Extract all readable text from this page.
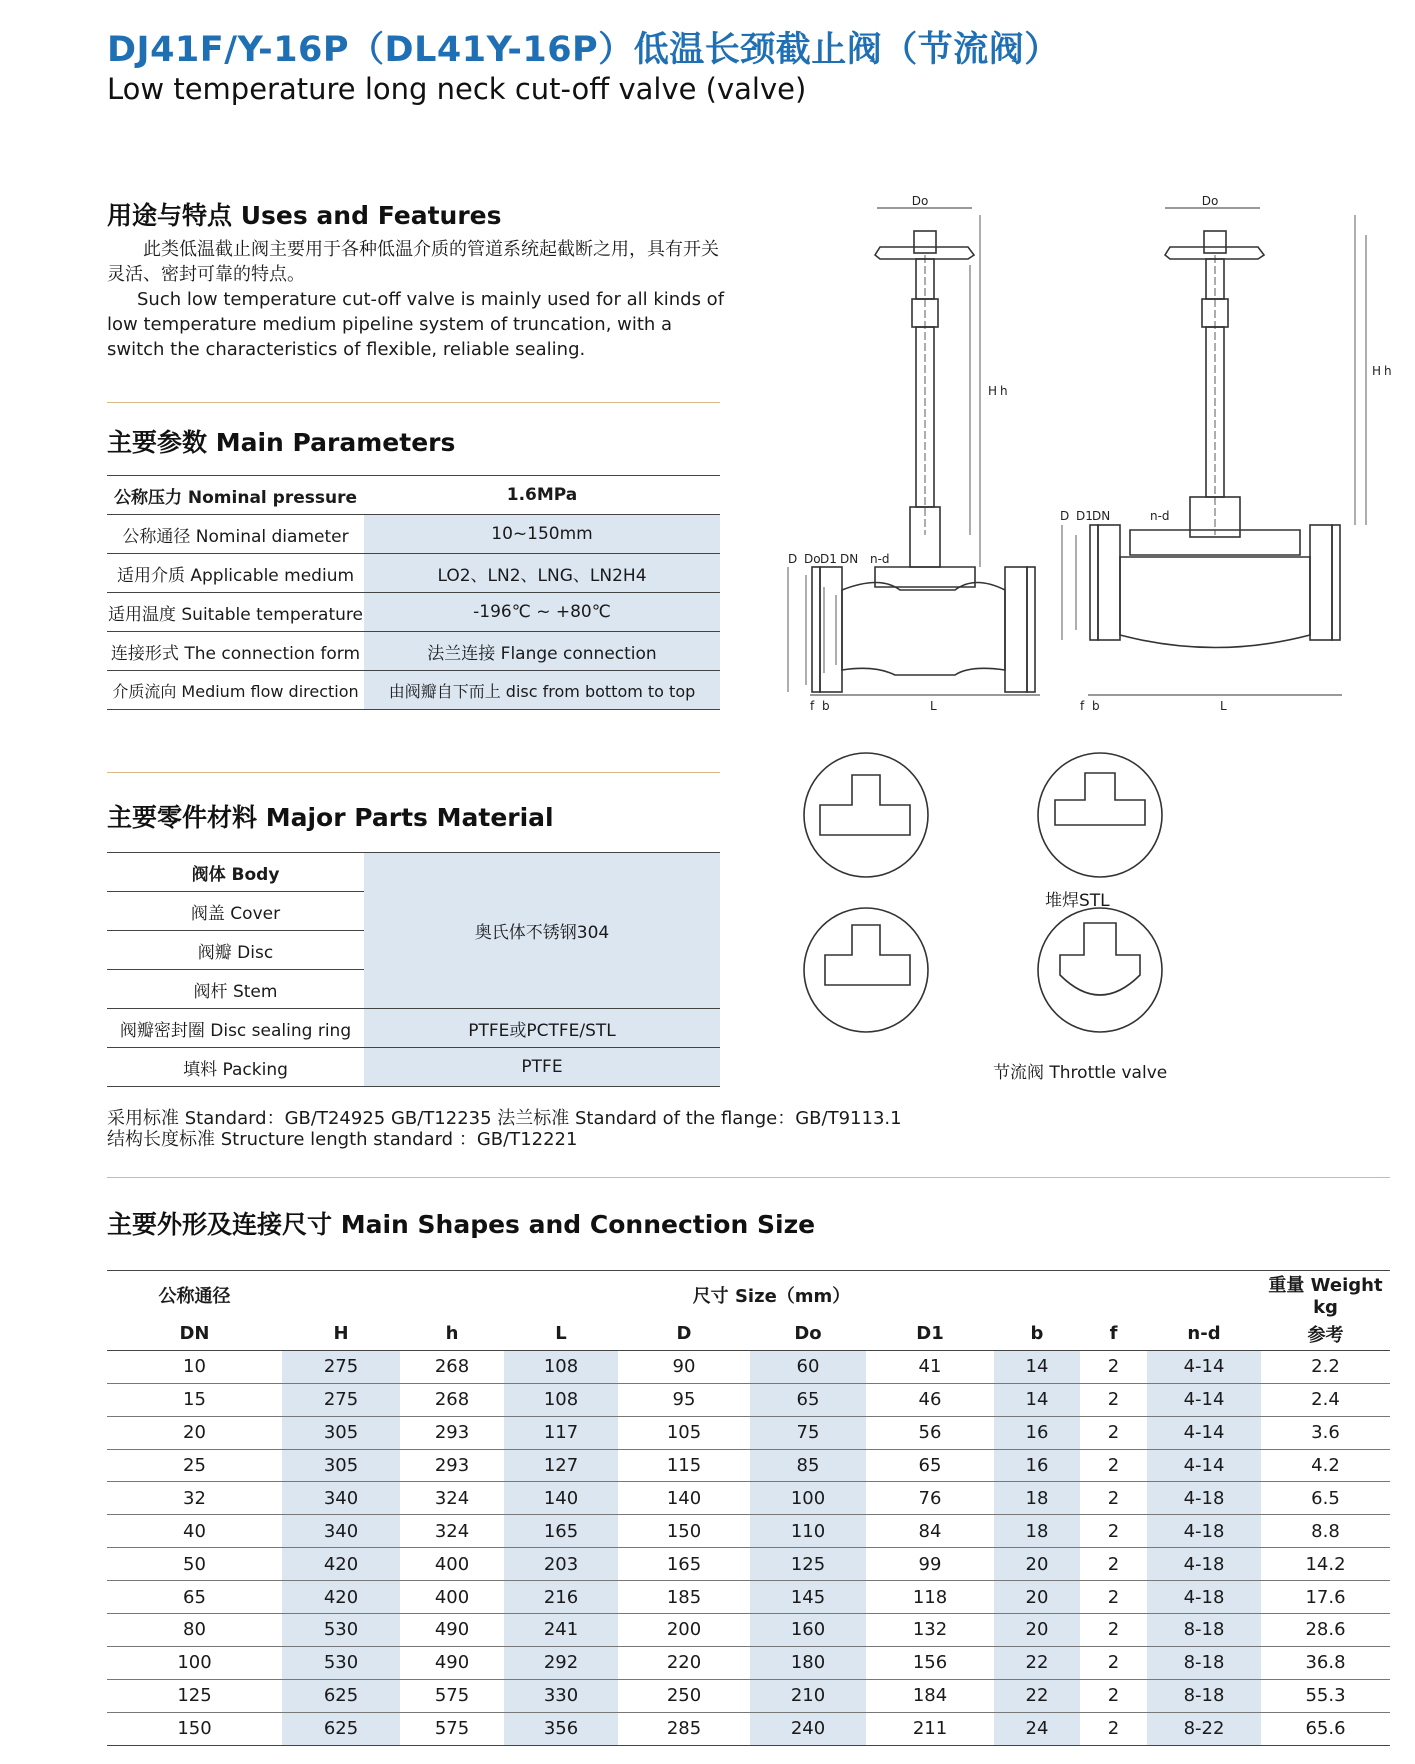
DJ41F/Y-16P（DL41Y-16P）低温长颈截止阀（节流阀）
Low temperature long neck cut-off valve (valve)
用途与特点 Uses and Features
此类低温截止阀主要用于各种低温介质的管道系统起截断之用，具有开关灵活、密封可靠的特点。
Such low temperature cut-off valve is mainly used for all kinds of low temperature medium pipeline system of truncation, with a switch the characteristics of flexible, reliable sealing.
主要参数 Main Parameters
公称压力 Nominal pressure	1.6MPa
公称通径 Nominal diameter	10~150mm
适用介质 Applicable medium	LO2、LN2、LNG、LN2H4
适用温度 Suitable temperature	-196℃ ~ +80℃
连接形式 The connection form	法兰连接 Flange connection
介质流向 Medium flow direction	由阀瓣自下而上 disc from bottom to top
主要零件材料 Major Parts Material
阀体 Body	奥氏体不锈钢304
阀盖 Cover	
阀瓣 Disc	
阀杆 Stem	
阀瓣密封圈 Disc sealing ring	PTFE或PCTFE/STL
填料 Packing	PTFE
采用标准 Standard：GB/T24925 GB/T12235 法兰标准 Standard of the flange：GB/T9113.1
结构长度标准 Structure length standard ：GB/T12221
Do	Do
L	L
H h
H h
D Do D1 DN
D D1 DN
n-d
n-d
f b	f b
堆焊STL
节流阀 Throttle valve
主要外形及连接尺寸 Main Shapes and Connection Size
公称通径	尺寸 Size（mm）									重量 Weight kg
DN	H	h	L	D	Do	D1	b	f	n-d	参考
10	275	268	108	90	60	41	14	2	4-14	2.2
15	275	268	108	95	65	46	14	2	4-14	2.4
20	305	293	117	105	75	56	16	2	4-14	3.6
25	305	293	127	115	85	65	16	2	4-14	4.2
32	340	324	140	140	100	76	18	2	4-18	6.5
40	340	324	165	150	110	84	18	2	4-18	8.8
50	420	400	203	165	125	99	20	2	4-18	14.2
65	420	400	216	185	145	118	20	2	4-18	17.6
80	530	490	241	200	160	132	20	2	8-18	28.6
100	530	490	292	220	180	156	22	2	8-18	36.8
125	625	575	330	250	210	184	22	2	8-18	55.3
150	625	575	356	285	240	211	24	2	8-22	65.6
